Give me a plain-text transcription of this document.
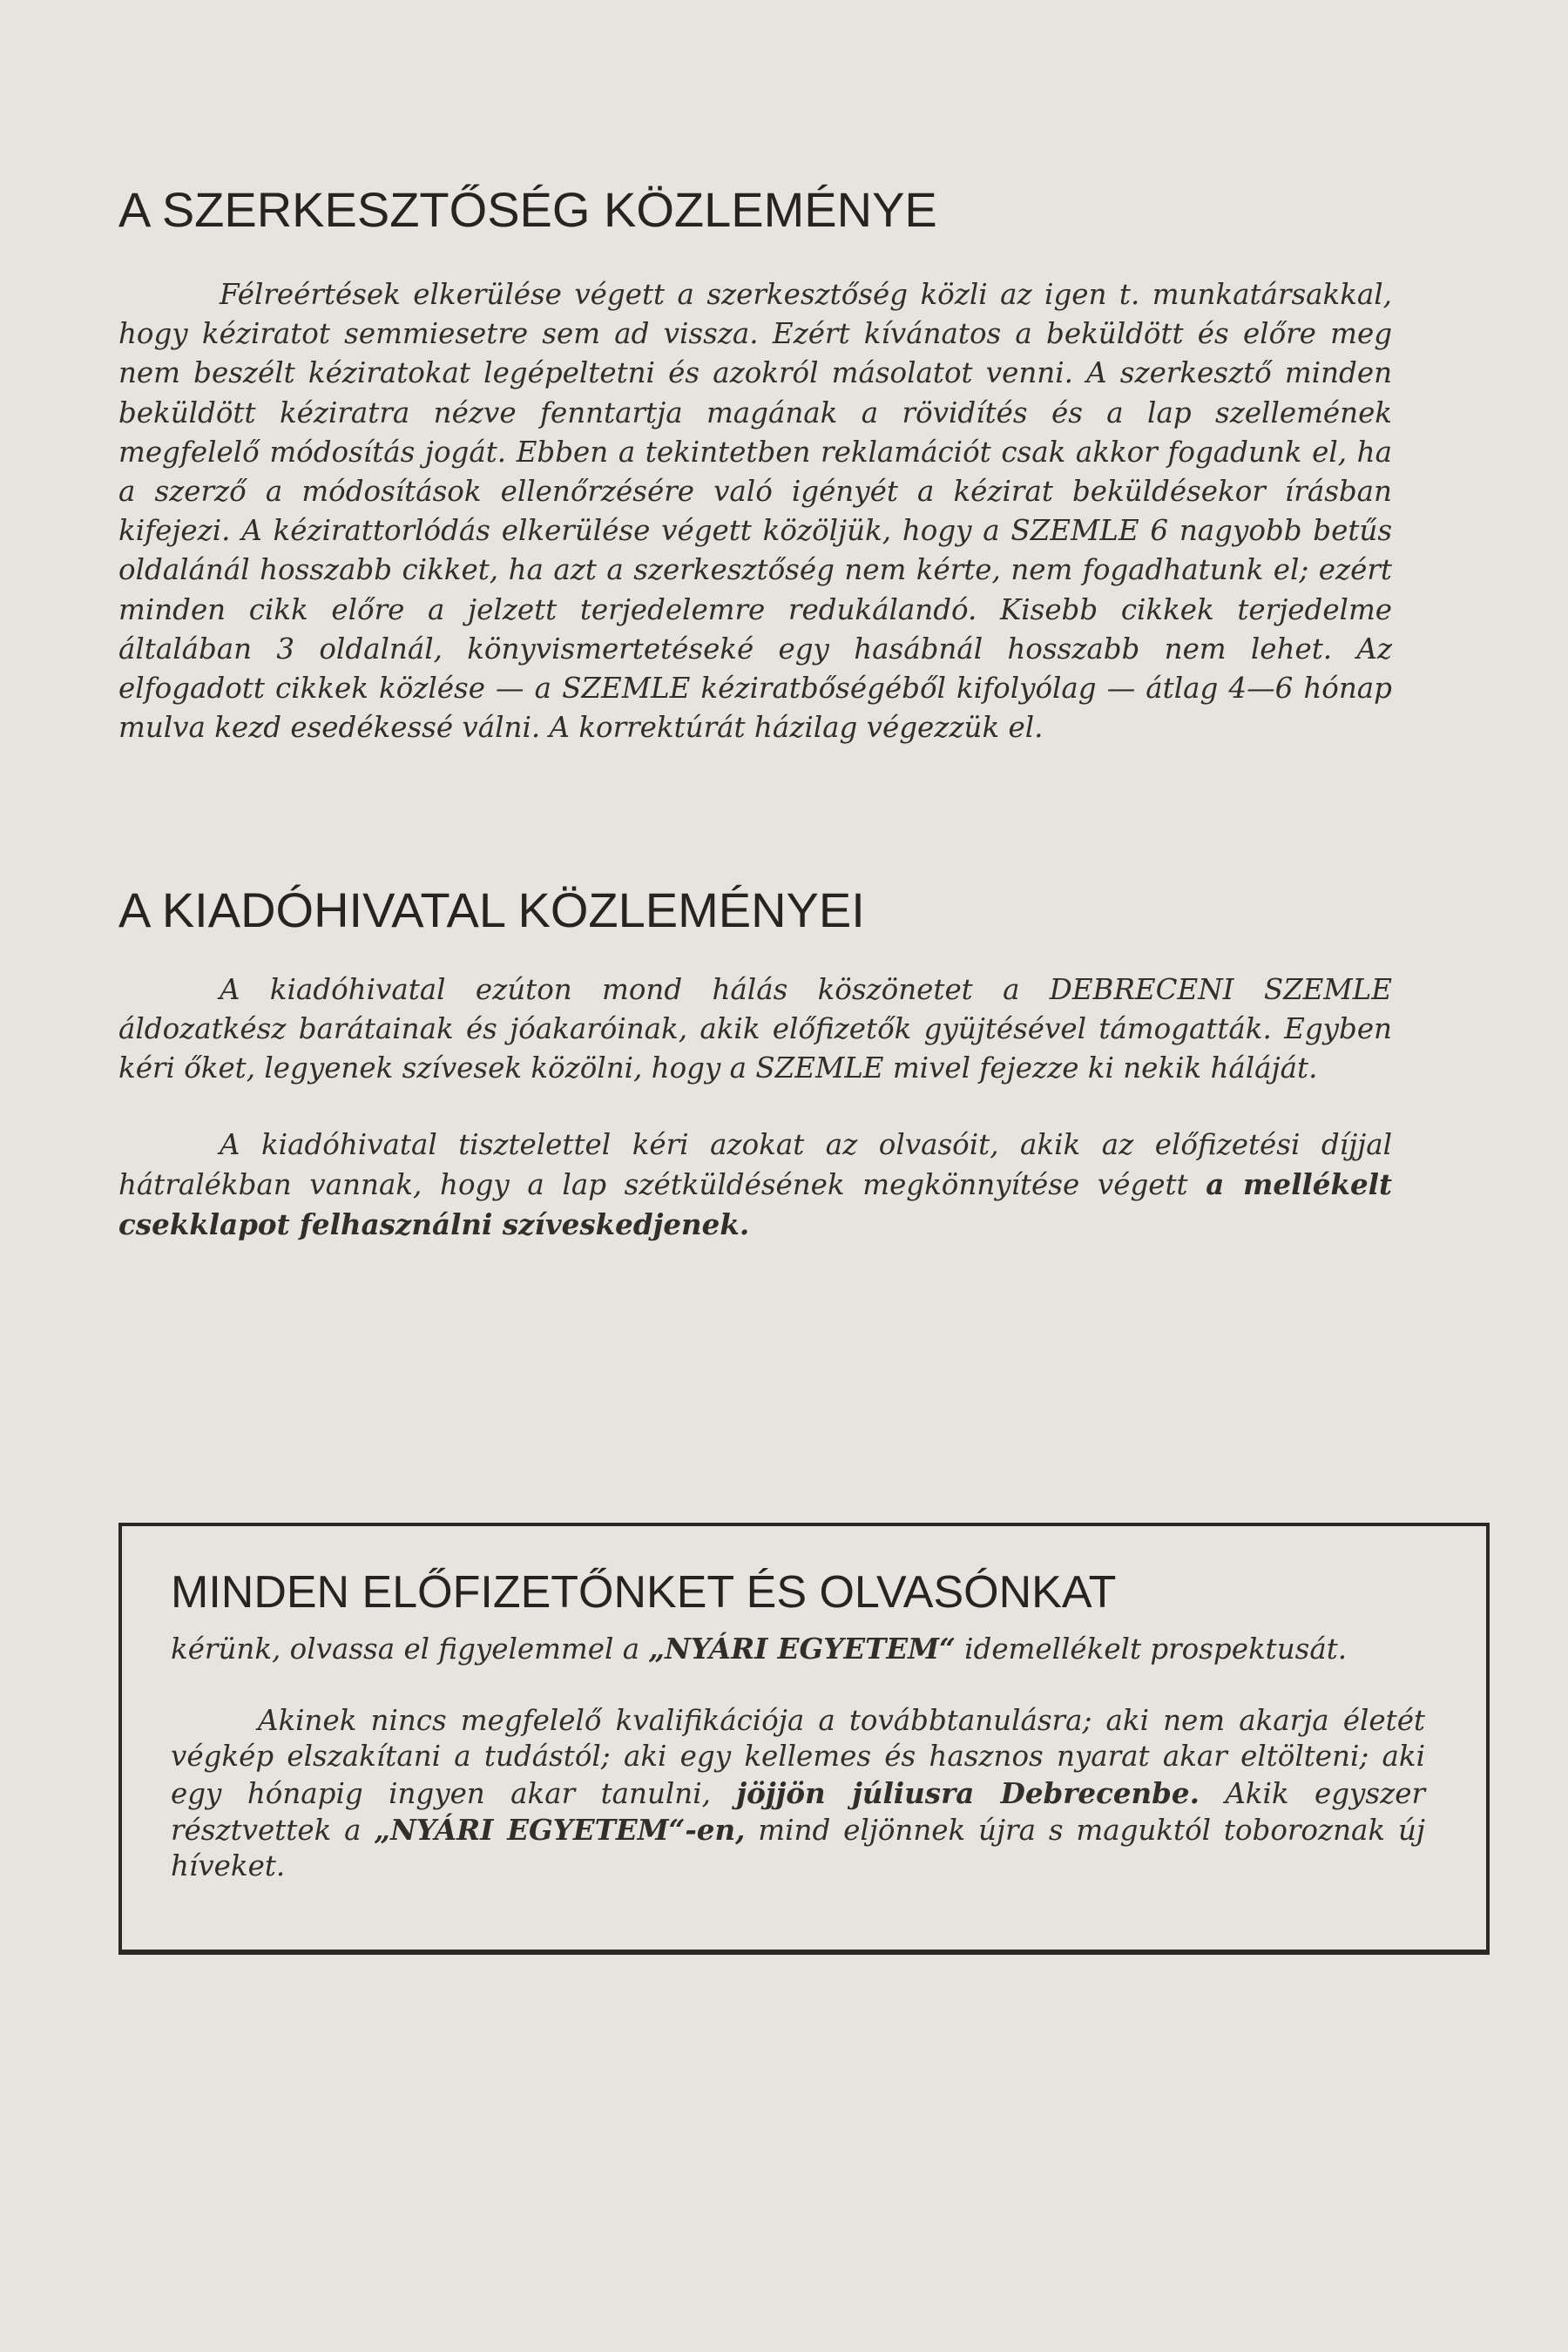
A SZERKESZTŐSÉG KÖZLEMÉNYE

Félreértések elkerülése végett a szerkesztőség közli az igen t. munkatársakkal, hogy kéziratot semmiesetre sem ad vissza. Ezért kívánatos a beküldött és előre meg nem beszélt kéziratokat legépeltetni és azokról másolatot venni. A szerkesztő minden beküldött kéziratra nézve fenntartja magának a rövidítés és a lap szellemének megfelelő módosítás jogát. Ebben a tekintetben reklamációt csak akkor fogadunk el, ha a szerző a módosítások ellenőrzésére való igényét a kézirat beküldésekor írásban kifejezi. A kézirattorlódás elkerülése végett közöljük, hogy a SZEMLE 6 nagyobb betűs oldalánál hosszabb cikket, ha azt a szerkesztőség nem kérte, nem fogadhatunk el; ezért minden cikk előre a jelzett terjedelemre redukálandó. Kisebb cikkek terjedelme általában 3 oldalnál, könyvismertetéseké egy hasábnál hosszabb nem lehet. Az elfogadott cikkek közlése — a SZEMLE kéziratbőségéből kifolyólag — átlag 4—6 hónap mulva kezd esedékessé válni. A korrektúrát házilag végezzük el.

A KIADÓHIVATAL KÖZLEMÉNYEI

A kiadóhivatal ezúton mond hálás köszönetet a DEBRECENI SZEMLE áldozatkész barátainak és jóakaróinak, akik előfizetők gyüjtésével támogatták. Egyben kéri őket, legyenek szívesek közölni, hogy a SZEMLE mivel fejezze ki nekik háláját.

A kiadóhivatal tisztelettel kéri azokat az olvasóit, akik az előfizetési díjjal hátralékban vannak, hogy a lap szétküldésének megkönnyítése végett a mellékelt csekklapot felhasználni szíveskedjenek.

MINDEN ELŐFIZETŐNKET ÉS OLVASÓNKAT

kérünk, olvassa el figyelemmel a „NYÁRI EGYETEM“ idemellékelt prospektusát.

Akinek nincs megfelelő kvalifikációja a továbbtanulásra; aki nem akarja életét végkép elszakítani a tudástól; aki egy kellemes és hasznos nyarat akar eltölteni; aki egy hónapig ingyen akar tanulni, jöjjön júliusra Debrecenbe. Akik egyszer résztvettek a „NYÁRI EGYETEM“-en, mind eljönnek újra s maguktól toboroznak új híveket.
